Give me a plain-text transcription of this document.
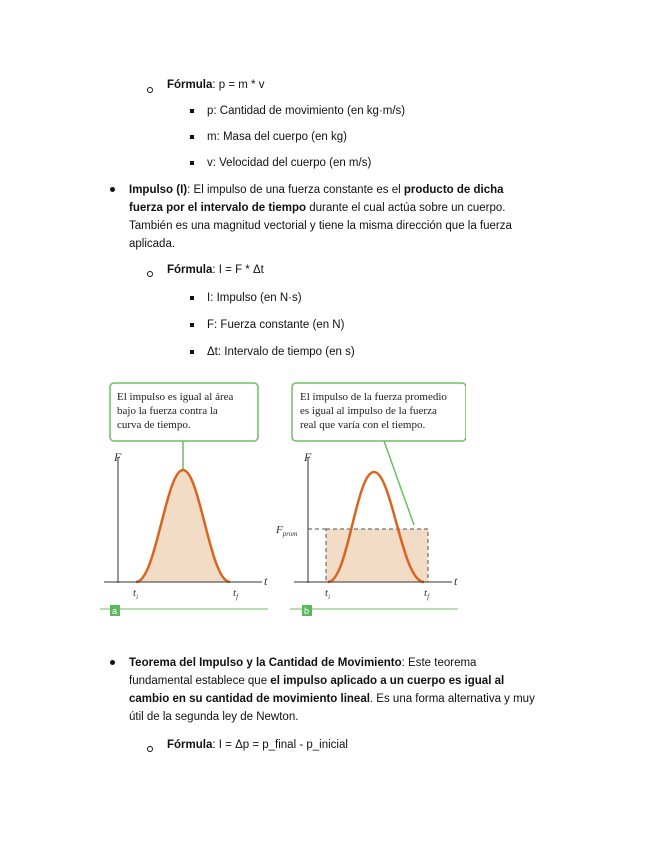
Fórmula: p = m * v
p: Cantidad de movimiento (en kg·m/s)
m: Masa del cuerpo (en kg)
v: Velocidad del cuerpo (en m/s)
Impulso (I): El impulso de una fuerza constante es el producto de dicha
fuerza por el intervalo de tiempo durante el cual actúa sobre un cuerpo.
También es una magnitud vectorial y tiene la misma dirección que la fuerza
aplicada.
Fórmula: I = F * Δt
I: Impulso (en N·s)
F: Fuerza constante (en N)
Δt: Intervalo de tiempo (en s)
El impulso es igual al área bajo la fuerza contra la curva de tiempo.
F
t
$t_i$	$t_f$
a
El impulso de la fuerza promedio es igual al impulso de la fuerza real que varía con el tiempo.
F
t
$F_{prom}$
$t_i$	$t_f$
b
Teorema del Impulso y la Cantidad de Movimiento: Este teorema
fundamental establece que el impulso aplicado a un cuerpo es igual al
cambio en su cantidad de movimiento lineal. Es una forma alternativa y muy
útil de la segunda ley de Newton.
Fórmula: I = Δp = p_final - p_inicial
